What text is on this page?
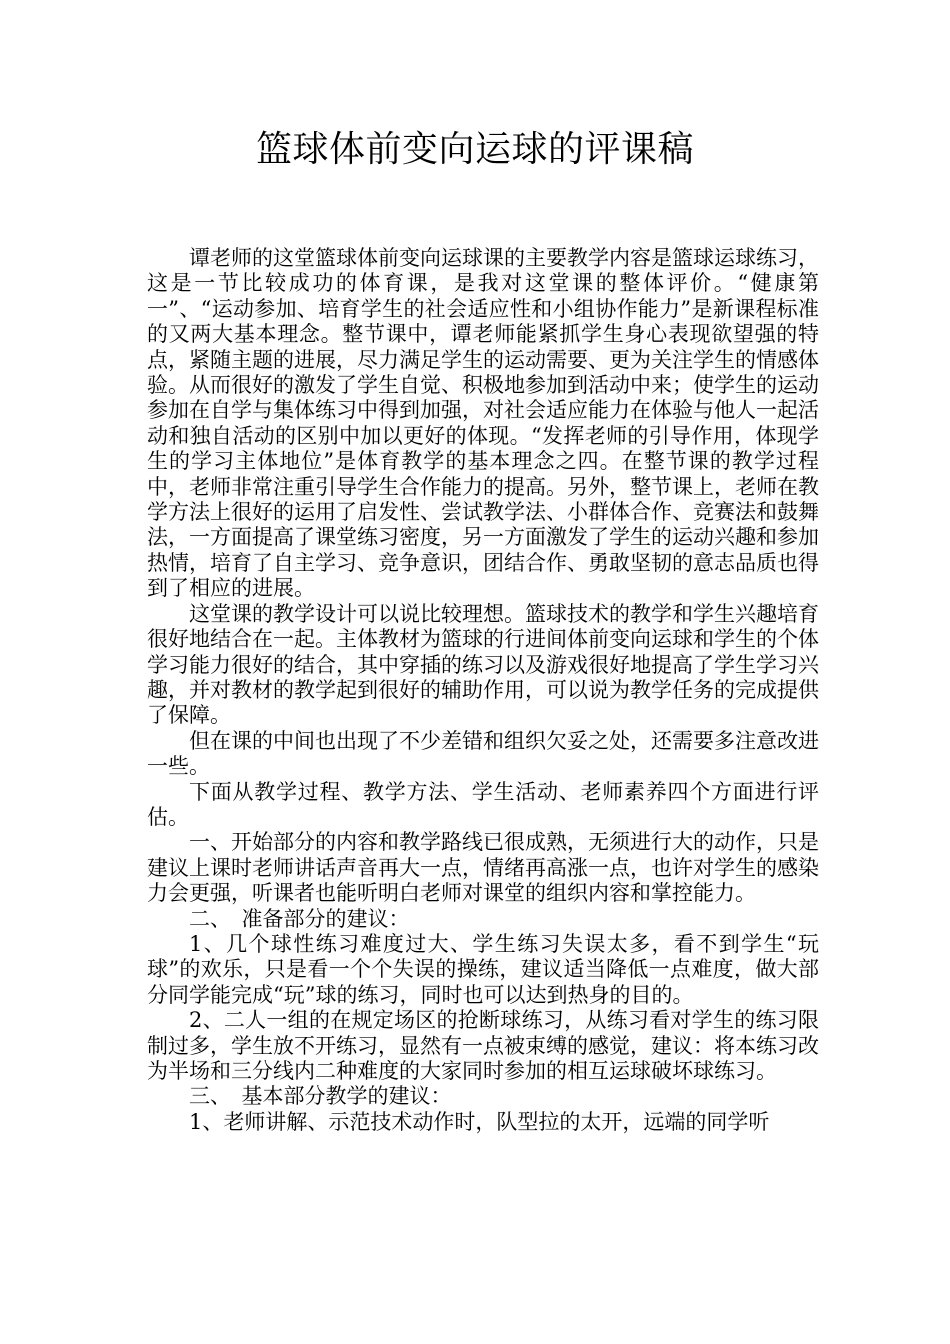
篮球体前变向运球的评课稿

谭老师的这堂篮球体前变向运球课的主要教学内容是篮球运球练习，这是一节比较成功的体育课，是我对这堂课的整体评价。“健康第一”、“运动参加、培育学生的社会适应性和小组协作能力”是新课程标准的又两大基本理念。整节课中，谭老师能紧抓学生身心表现欲望强的特点，紧随主题的进展，尽力满足学生的运动需要、更为关注学生的情感体验。从而很好的激发了学生自觉、积极地参加到活动中来；使学生的运动参加在自学与集体练习中得到加强，对社会适应能力在体验与他人一起活动和独自活动的区别中加以更好的体现。“发挥老师的引导作用，体现学生的学习主体地位”是体育教学的基本理念之四。在整节课的教学过程中，老师非常注重引导学生合作能力的提高。另外，整节课上，老师在教学方法上很好的运用了启发性、尝试教学法、小群体合作、竞赛法和鼓舞法，一方面提高了课堂练习密度，另一方面激发了学生的运动兴趣和参加热情，培育了自主学习、竞争意识，团结合作、勇敢坚韧的意志品质也得到了相应的进展。

这堂课的教学设计可以说比较理想。篮球技术的教学和学生兴趣培育很好地结合在一起。主体教材为篮球的行进间体前变向运球和学生的个体学习能力很好的结合，其中穿插的练习以及游戏很好地提高了学生学习兴趣，并对教材的教学起到很好的辅助作用，可以说为教学任务的完成提供了保障。

但在课的中间也出现了不少差错和组织欠妥之处，还需要多注意改进一些。

下面从教学过程、教学方法、学生活动、老师素养四个方面进行评估。

一、开始部分的内容和教学路线已很成熟，无须进行大的动作，只是建议上课时老师讲话声音再大一点，情绪再高涨一点，也许对学生的感染力会更强，听课者也能听明白老师对课堂的组织内容和掌控能力。

二、　准备部分的建议：

1、几个球性练习难度过大、学生练习失误太多，看不到学生“玩球”的欢乐，只是看一个个失误的操练，建议适当降低一点难度，做大部分同学能完成“玩”球的练习，同时也可以达到热身的目的。

2、二人一组的在规定场区的抢断球练习，从练习看对学生的练习限制过多，学生放不开练习，显然有一点被束缚的感觉，建议：将本练习改为半场和三分线内二种难度的大家同时参加的相互运球破坏球练习。

三、　基本部分教学的建议：

1、老师讲解、示范技术动作时，队型拉的太开，远端的同学听
